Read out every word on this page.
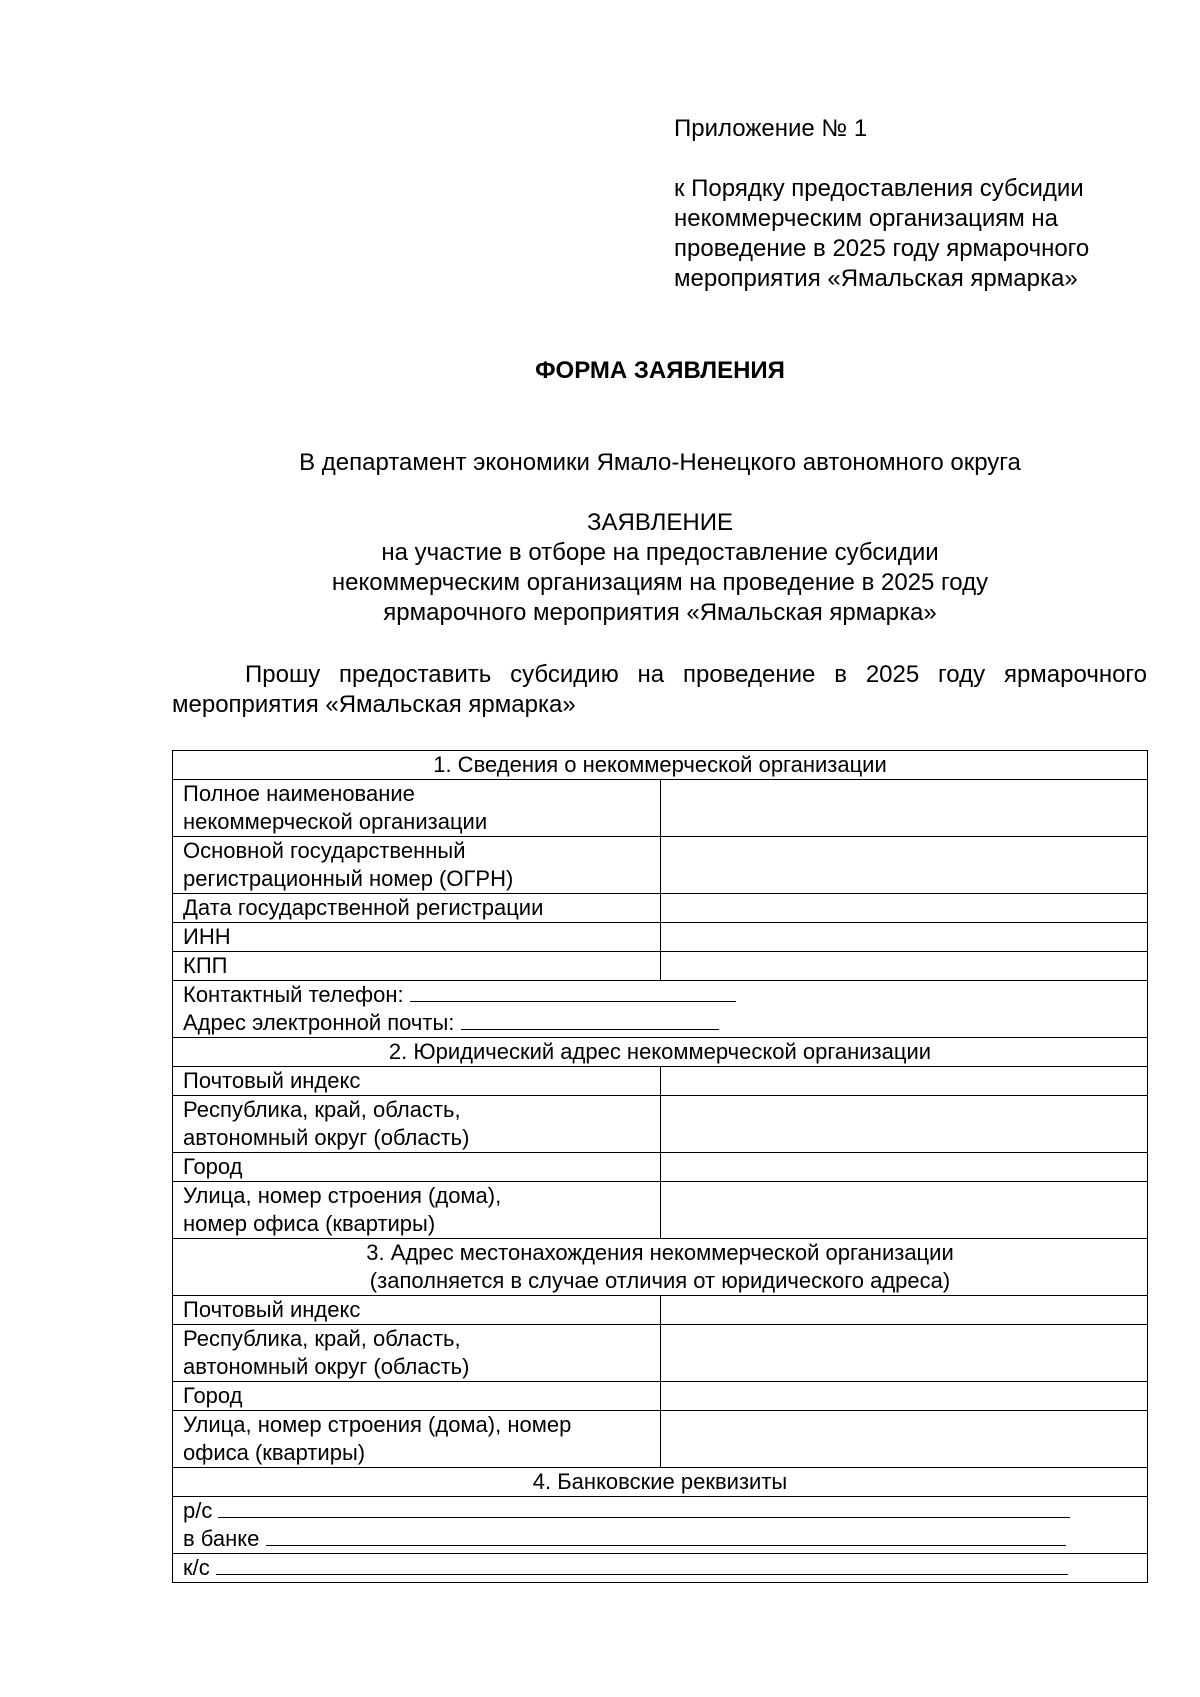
Приложение № 1
к Порядку предоставления субсидии
некоммерческим организациям на
проведение в 2025 году ярмарочного
мероприятия «Ямальская ярмарка»
ФОРМА ЗАЯВЛЕНИЯ
В департамент экономики Ямало-Ненецкого автономного округа
ЗАЯВЛЕНИЕ
на участие в отборе на предоставление субсидии
некоммерческим организациям на проведение в 2025 году
ярмарочного мероприятия «Ямальская ярмарка»
Прошу предоставить субсидию на проведение в 2025 году ярмарочного
мероприятия «Ямальская ярмарка»
1. Сведения о некоммерческой организации	

Полное наименование
некоммерческой организации	

Основной государственный
регистрационный номер (ОГРН)	

Дата государственной регистрации	

ИНН	

КПП	

Контактный телефон:
Адрес электронной почты:	

2. Юридический адрес некоммерческой организации	

Почтовый индекс	

Республика, край, область,
автономный округ (область)	

Город	

Улица, номер строения (дома),
номер офиса (квартиры)	

3. Адрес местонахождения некоммерческой организации
(заполняется в случае отличия от юридического адреса)	

Почтовый индекс	

Республика, край, область,
автономный округ (область)	

Город	

Улица, номер строения (дома), номер
офиса (квартиры)	

4. Банковские реквизиты	

р/с
в банке	

к/с	
